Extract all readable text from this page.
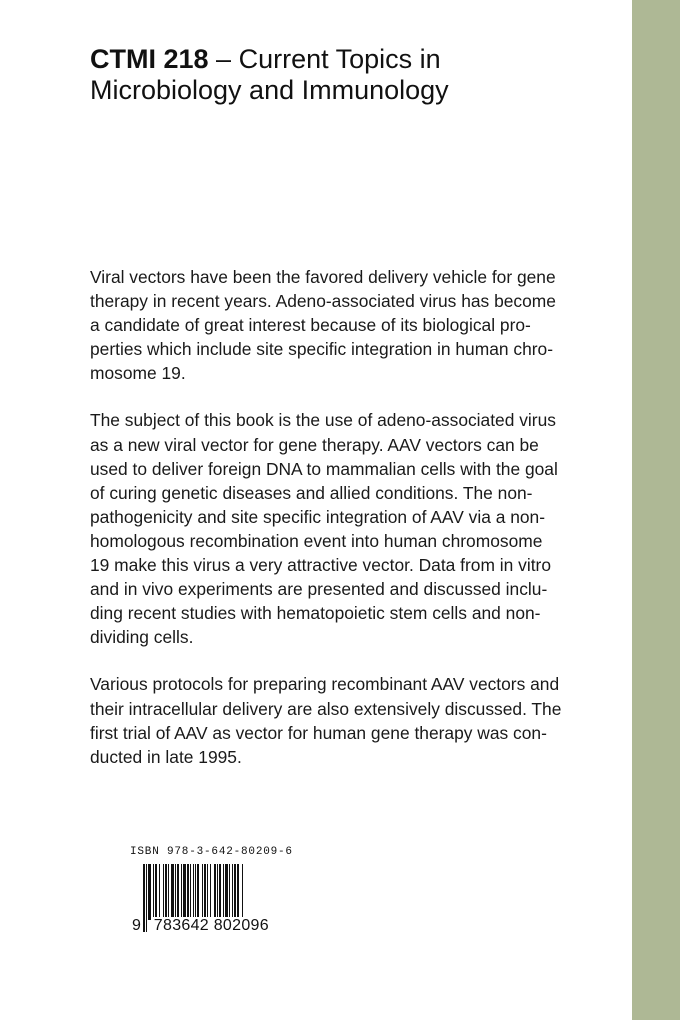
CTMI 218 – Current Topics in
Microbiology and Immunology

Viral vectors have been the favored delivery vehicle for gene
therapy in recent years. Adeno-associated virus has become
a candidate of great interest because of its biological pro-
perties which include site specific integration in human chro-
mosome 19.

The subject of this book is the use of adeno-associated virus
as a new viral vector for gene therapy. AAV vectors can be
used to deliver foreign DNA to mammalian cells with the goal
of curing genetic diseases and allied conditions. The non-
pathogenicity and site specific integration of AAV via a non-
homologous recombination event into human chromosome
19 make this virus a very attractive vector. Data from in vitro
and in vivo experiments are presented and discussed inclu-
ding recent studies with hematopoietic stem cells and non-
dividing cells.

Various protocols for preparing recombinant AAV vectors and
their intracellular delivery are also extensively discussed. The
first trial of AAV as vector for human gene therapy was con-
ducted in late 1995.

ISBN 978-3-642-80209-6
9 783642 802096
